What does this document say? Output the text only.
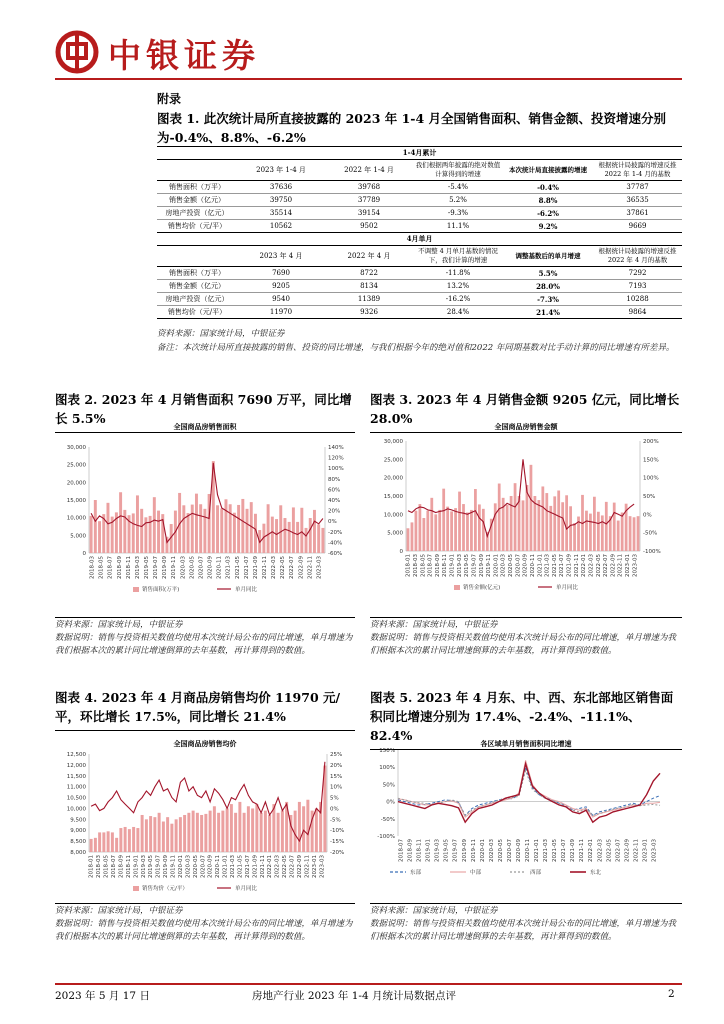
中银证券
附录
图表 1. 此次统计局所直接披露的 2023 年 1-4 月全国销售面积、销售金额、投资增速分别为-0.4%、8.8%、-6.2%
1-4月累计					
	2023 年 1-4 月	2022 年 1-4 月	我们根据两年披露的绝对数值计算得到的增速	本次统计局直接披露的增速	根据统计局披露的增速反推 2022 年 1-4 月的基数
销售面积（万平）	37636	39768	-5.4%	-0.4%	37787
销售金额（亿元）	39750	37789	5.2%	8.8%	36535
房地产投资（亿元）	35514	39154	-9.3%	-6.2%	37861
销售均价（元/平）	10562	9502	11.1%	9.2%	9669
4月单月					
	2023 年 4 月	2022 年 4 月	不调整 4 月单月基数的情况下，我们计算的增速	调整基数后的单月增速	根据统计局披露的增速反推 2022 年 4 月的基数
销售面积（万平）	7690	8722	-11.8%	5.5%	7292
销售金额（亿元）	9205	8134	13.2%	28.0%	7193
房地产投资（亿元）	9540	11389	-16.2%	-7.3%	10288
销售均价（元/平）	11970	9326	28.4%	21.4%	9864
资料来源：国家统计局，中银证券
备注：本次统计局所直接披露的销售、投资的同比增速，与我们根据今年的绝对值和2022 年同期基数对比手动计算的同比增速有所差异。
图表 2. 2023 年 4 月销售面积 7690 万平，同比增长 5.5%
图表 3. 2023 年 4 月销售金额 9205 亿元，同比增长 28.0%
全国商品房销售面积
30,000
25,000
20,000
15,000
10,000
5,000
0
140%
120%
100%
80%
60%
40%
20%
0%
-20%
-40%
-60%
2018-03 2018-05 2018-07 2018-09 2018-11 2019-03 2019-05 2019-07 2019-09 2019-11 2020-03 2020-05 2020-07 2020-09 2020-11 2021-03 2021-05 2021-07 2021-09 2021-11 2022-03 2022-05 2022-07 2022-09 2022-11 2023-03
销售面积(万平)	单月同比
全国商品房销售金额
30,000
25,000
20,000
15,000
10,000
5,000
0
200%
150%
100%
50%
0%
-50%
-100%
2018-01 2018-03 2018-05 2018-07 2018-09 2018-11 2019-01 2019-03 2019-05 2019-07 2019-09 2019-11 2020-01 2020-03 2020-05 2020-07 2020-09 2020-11 2021-01 2021-03 2021-05 2021-07 2021-09 2021-11 2022-01 2022-03 2022-05 2022-07 2022-09 2022-11 2023-01 2023-03
销售金额(亿元)	单月同比
资料来源：国家统计局，中银证券
数据说明：销售与投资相关数值均使用本次统计局公布的同比增速，单月增速为我们根据本次的累计同比增速倒算的去年基数，再计算得到的数值。
资料来源：国家统计局，中银证券
数据说明：销售与投资相关数值均使用本次统计局公布的同比增速，单月增速为我们根据本次的累计同比增速倒算的去年基数，再计算得到的数值。
图表 4. 2023 年 4 月商品房销售均价 11970 元/平，环比增长 17.5%，同比增长 21.4%
图表 5. 2023 年 4 月东、中、西、东北部地区销售面积同比增速分别为 17.4%、-2.4%、-11.1%、82.4%
全国商品房销售均价
12,500
12,000
11,500
11,000
10,500
10,000
9,500
9,000
8,500
8,000
25%
20%
15%
10%
5%
0%
-5%
-10%
-15%
-20%
2018-01 2018-03 2018-05 2018-07 2018-09 2018-11 2019-01 2019-03 2019-05 2019-07 2019-09 2019-11 2020-01 2020-03 2020-05 2020-07 2020-09 2020-11 2021-01 2021-03 2021-05 2021-07 2021-09 2021-11 2022-01 2022-03 2022-05 2022-07 2022-09 2022-11 2023-01 2023-03
销售均价（元/平）	单月同比
各区域单月销售面积同比增速
150%
100%
50%
0%
-50%
-100%
2018-07 2018-09 2018-11 2019-01 2019-03 2019-05 2019-07 2019-09 2019-11 2020-01 2020-03 2020-05 2020-07 2020-09 2020-11 2021-01 2021-03 2021-05 2021-07 2021-09 2021-11 2022-01 2022-03 2022-05 2022-07 2022-09 2022-11 2023-01 2023-03
东部	中部	西部	东北
资料来源：国家统计局，中银证券
数据说明：销售与投资相关数值均使用本次统计局公布的同比增速，单月增速为我们根据本次的累计同比增速倒算的去年基数，再计算得到的数值。
资料来源：国家统计局，中银证券
数据说明：销售与投资相关数值均使用本次统计局公布的同比增速，单月增速为我们根据本次的累计同比增速倒算的去年基数，再计算得到的数值。
2023 年 5 月 17 日	房地产行业 2023 年 1-4 月统计局数据点评	2
